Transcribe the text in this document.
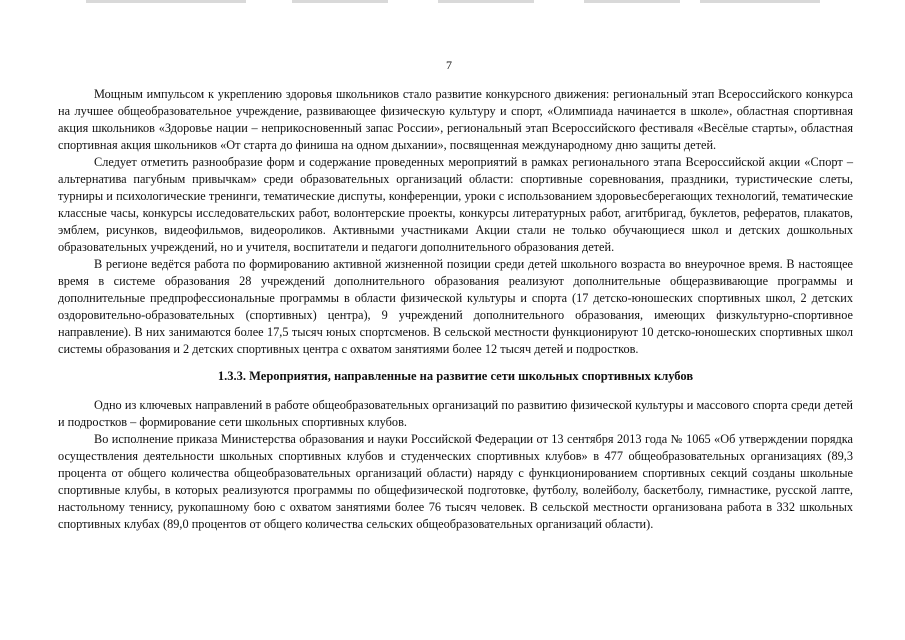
7

Мощным импульсом к укреплению здоровья школьников стало развитие конкурсного движения: региональный этап Всероссийского конкурса на лучшее общеобразовательное учреждение, развивающее физическую культуру и спорт, «Олимпиада начинается в школе», областная спортивная акция школьников «Здоровье нации – неприкосновенный запас России», региональный этап Всероссийского фестиваля «Весёлые старты», областная спортивная акция школьников «От старта до финиша на одном дыхании», посвященная международному дню защиты детей.

Следует отметить разнообразие форм и содержание проведенных мероприятий в рамках регионального этапа Всероссийской акции «Спорт – альтернатива пагубным привычкам» среди образовательных организаций области: спортивные соревнования, праздники, туристические слеты, турниры и психологические тренинги, тематические диспуты, конференции, уроки с использованием здоровьесберегающих технологий, тематические классные часы, конкурсы исследовательских работ, волонтерские проекты, конкурсы литературных работ, агитбригад, буклетов, рефератов, плакатов, эмблем, рисунков, видеофильмов, видеороликов. Активными участниками Акции стали не только обучающиеся школ и детских дошкольных образовательных учреждений, но и учителя, воспитатели и педагоги дополнительного образования детей.

В регионе ведётся работа по формированию активной жизненной позиции среди детей школьного возраста во внеурочное время. В настоящее время в системе образования 28 учреждений дополнительного образования реализуют дополнительные общеразвивающие программы и дополнительные предпрофессиональные программы в области физической культуры и спорта (17 детско-юношеских спортивных школ, 2 детских оздоровительно-образовательных (спортивных) центра), 9 учреждений дополнительного образования, имеющих физкультурно-спортивное направление). В них занимаются более 17,5 тысяч юных спортсменов. В сельской местности функционируют 10 детско-юношеских спортивных школ системы образования и 2 детских спортивных центра с охватом занятиями более 12 тысяч детей и подростков.

1.3.3. Мероприятия, направленные на развитие сети школьных спортивных клубов

Одно из ключевых направлений в работе общеобразовательных организаций по развитию физической культуры и массового спорта среди детей и подростков – формирование сети школьных спортивных клубов.

Во исполнение приказа Министерства образования и науки Российской Федерации от 13 сентября 2013 года № 1065 «Об утверждении порядка осуществления деятельности школьных спортивных клубов и студенческих спортивных клубов» в 477 общеобразовательных организациях (89,3 процента от общего количества общеобразовательных организаций области) наряду с функционированием спортивных секций созданы школьные спортивные клубы, в которых реализуются программы по общефизической подготовке, футболу, волейболу, баскетболу, гимнастике, русской лапте, настольному теннису, рукопашному бою с охватом занятиями более 76 тысяч человек. В сельской местности организована работа в 332 школьных спортивных клубах (89,0 процентов от общего количества сельских общеобразовательных организаций области).
